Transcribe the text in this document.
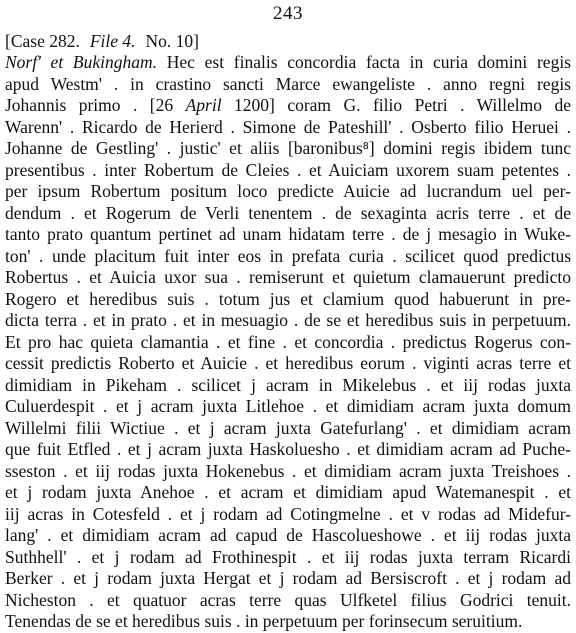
243
[Case 282. File 4. No. 10]
Norf' et Bukingham. Hec est finalis concordia facta in curia domini regis
apud Westm' . in crastino sancti Marce ewangeliste . anno regni regis
Johannis primo . [26 April 1200] coram G. filio Petri . Willelmo de
Warenn' . Ricardo de Herierd . Simone de Pateshill' . Osberto filio Heruei .
Johanne de Gestling' . justic' et aliis [baronibus⁸] domini regis ibidem tunc
presentibus . inter Robertum de Cleies . et Auiciam uxorem suam petentes .
per ipsum Robertum positum loco predicte Auicie ad lucrandum uel per-
dendum . et Rogerum de Verli tenentem . de sexaginta acris terre . et de
tanto prato quantum pertinet ad unam hidatam terre . de j mesagio in Wuke-
ton' . unde placitum fuit inter eos in prefata curia . scilicet quod predictus
Robertus . et Auicia uxor sua . remiserunt et quietum clamauerunt predicto
Rogero et heredibus suis . totum jus et clamium quod habuerunt in pre-
dicta terra . et in prato . et in mesuagio . de se et heredibus suis in perpetuum.
Et pro hac quieta clamantia . et fine . et concordia . predictus Rogerus con-
cessit predictis Roberto et Auicie . et heredibus eorum . viginti acras terre et
dimidiam in Pikeham . scilicet j acram in Mikelebus . et iij rodas juxta
Culuerdespit . et j acram juxta Litlehoe . et dimidiam acram juxta domum
Willelmi filii Wictiue . et j acram juxta Gatefurlang' . et dimidiam acram
que fuit Etfled . et j acram juxta Haskoluesho . et dimidiam acram ad Puche-
sseston . et iij rodas juxta Hokenebus . et dimidiam acram juxta Treishoes .
et j rodam juxta Anehoe . et acram et dimidiam apud Watemanespit . et
iij acras in Cotesfeld . et j rodam ad Cotingmelne . et v rodas ad Midefur-
lang' . et dimidiam acram ad capud de Hascolueshowe . et iij rodas juxta
Suthhell' . et j rodam ad Frothinespit . et iij rodas juxta terram Ricardi
Berker . et j rodam juxta Hergat et j rodam ad Bersiscroft . et j rodam ad
Nicheston . et quatuor acras terre quas Ulfketel filius Godrici tenuit.
Tenendas de se et heredibus suis . in perpetuum per forinsecum seruitium.
